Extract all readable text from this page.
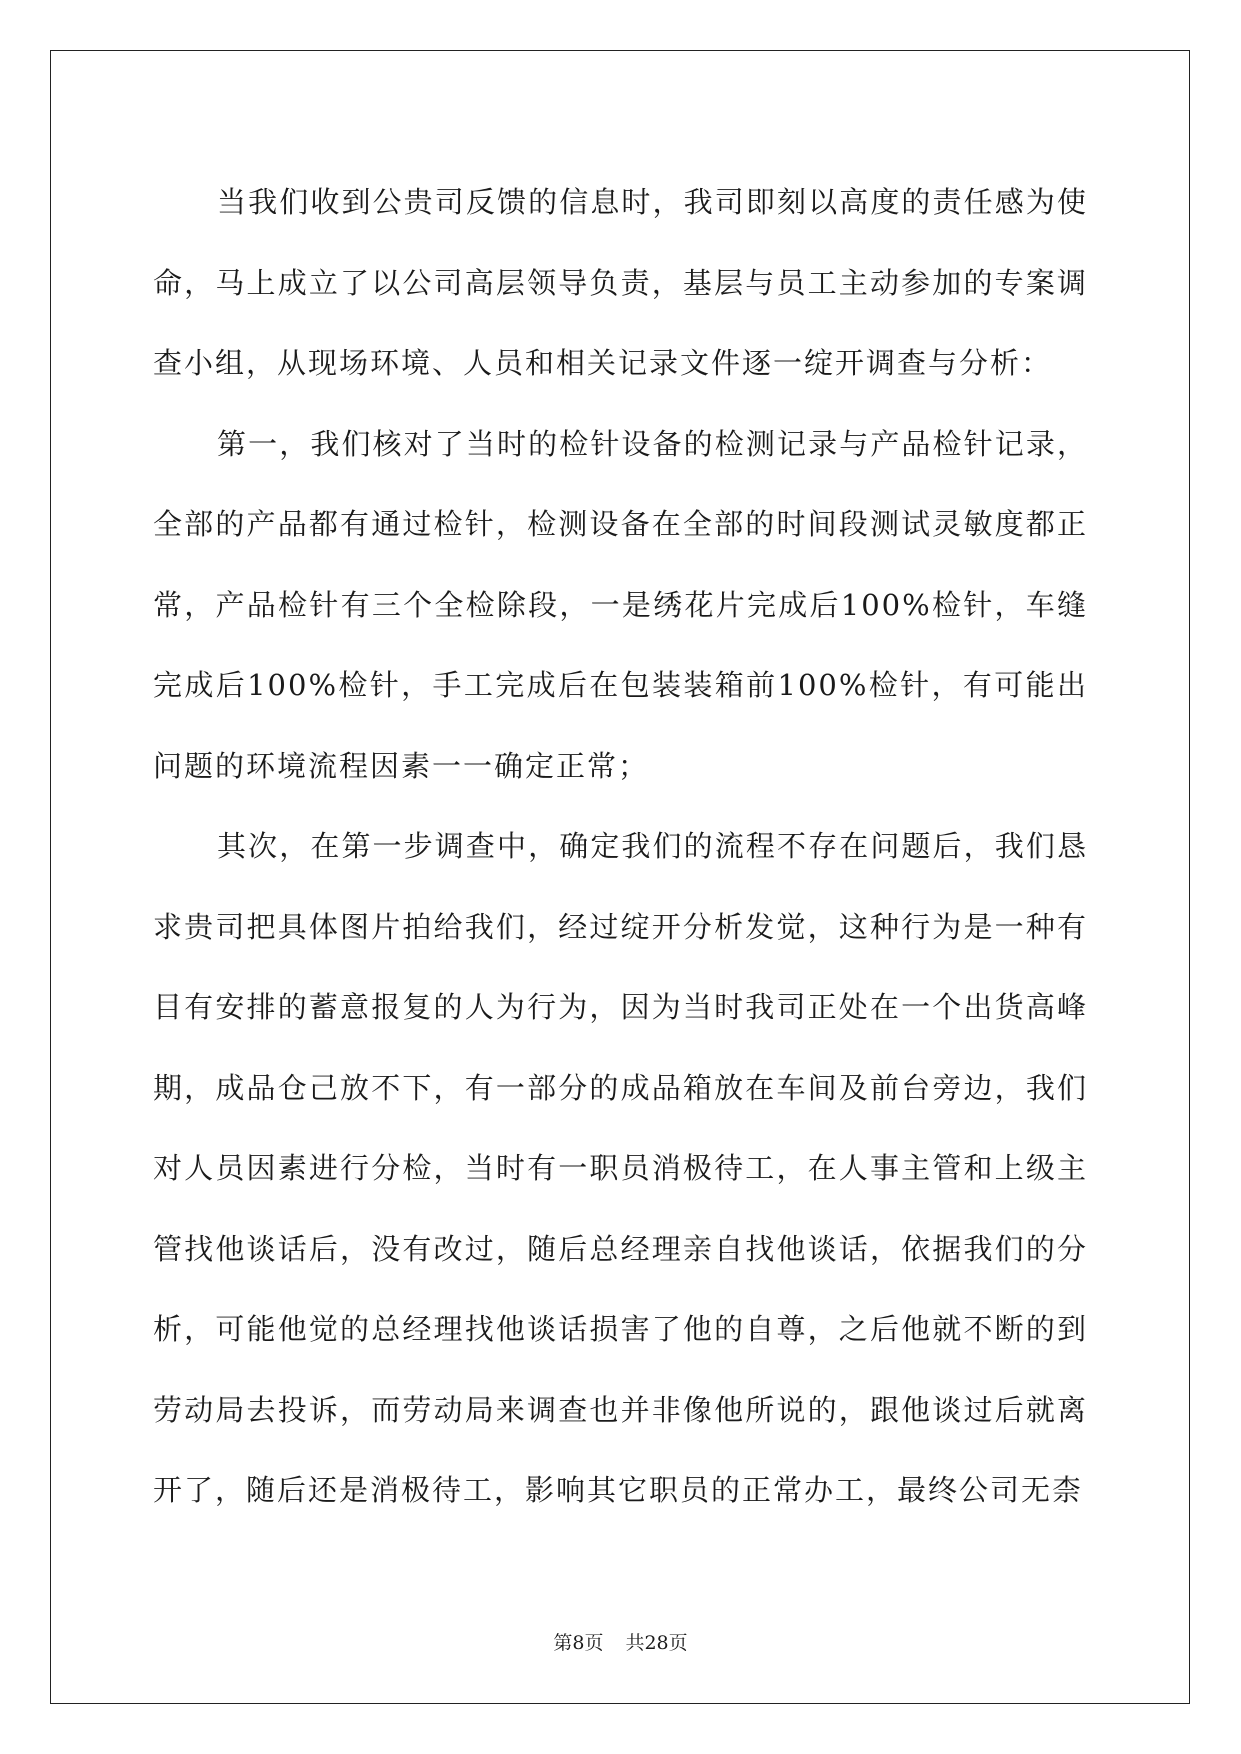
当我们收到公贵司反馈的信息时，我司即刻以高度的责任感为使命，马上成立了以公司高层领导负责，基层与员工主动参加的专案调查小组，从现场环境、人员和相关记录文件逐一绽开调查与分析：

第一，我们核对了当时的检针设备的检测记录与产品检针记录，全部的产品都有通过检针，检测设备在全部的时间段测试灵敏度都正常，产品检针有三个全检除段，一是绣花片完成后100%检针，车缝完成后100%检针，手工完成后在包装装箱前100%检针，有可能出问题的环境流程因素一一确定正常；

其次，在第一步调查中，确定我们的流程不存在问题后，我们恳求贵司把具体图片拍给我们，经过绽开分析发觉，这种行为是一种有目有安排的蓄意报复的人为行为，因为当时我司正处在一个出货高峰期，成品仓己放不下，有一部分的成品箱放在车间及前台旁边，我们对人员因素进行分检，当时有一职员消极待工，在人事主管和上级主管找他谈话后，没有改过，随后总经理亲自找他谈话，依据我们的分析，可能他觉的总经理找他谈话损害了他的自尊，之后他就不断的到劳动局去投诉，而劳动局来调查也并非像他所说的，跟他谈过后就离开了，随后还是消极待工，影响其它职员的正常办工，最终公司无柰

第8页 共28页
